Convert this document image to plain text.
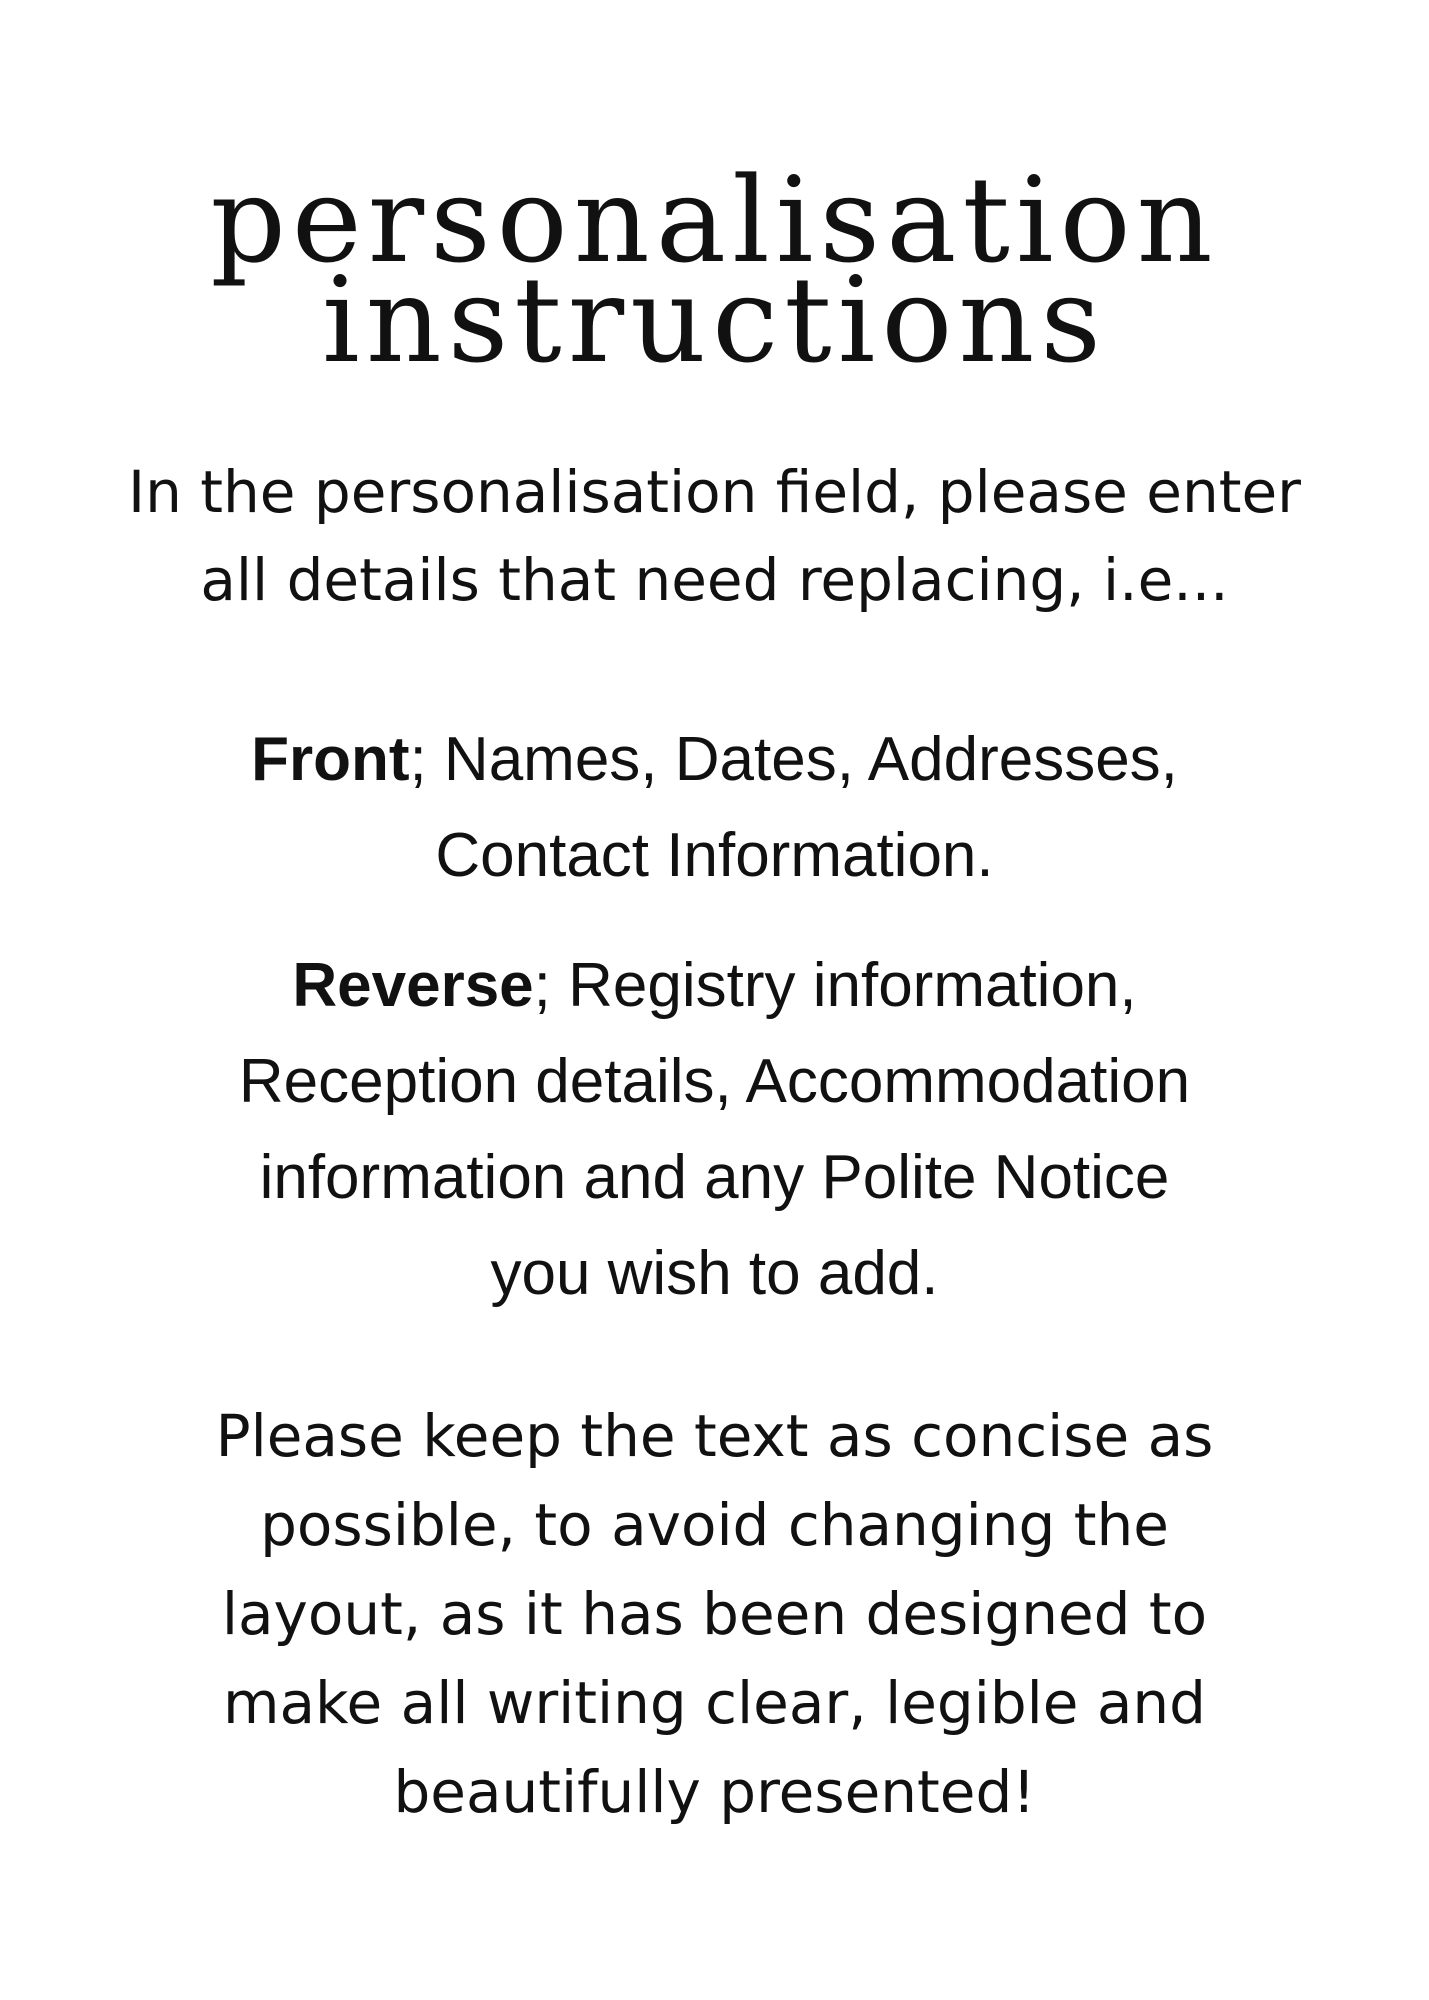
personalisation
instructions

In the personalisation field, please enter
all details that need replacing, i.e...

Front; Names, Dates, Addresses,
Contact Information.

Reverse; Registry information,
Reception details, Accommodation
information and any Polite Notice
you wish to add.

Please keep the text as concise as
possible, to avoid changing the
layout, as it has been designed to
make all writing clear, legible and
beautifully presented!
